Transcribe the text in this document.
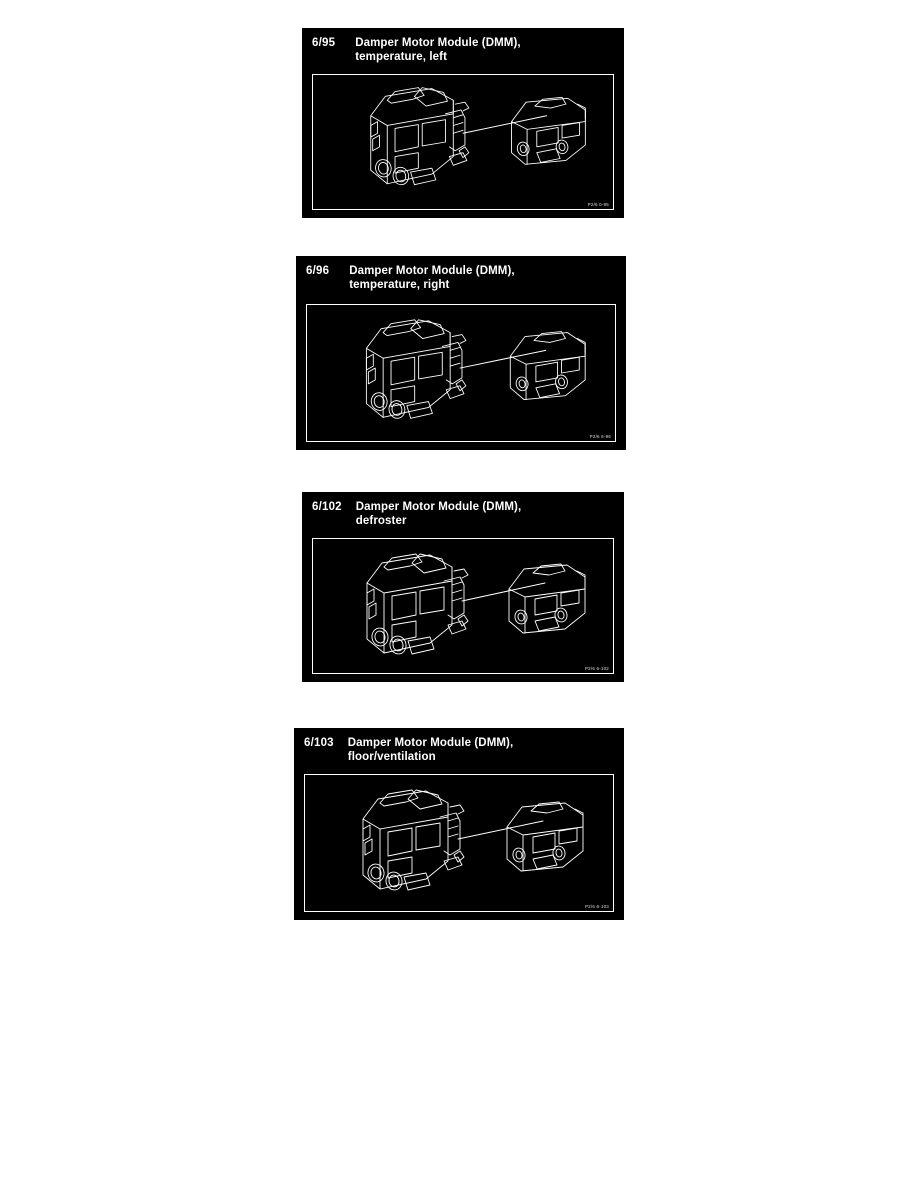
6/95 Damper Motor Module (DMM),
temperature, left
P2/6 0-95
6/96 Damper Motor Module (DMM),
temperature, right
P2/6 6-96
6/102 Damper Motor Module (DMM),
defroster
P2/6 6-102
6/103 Damper Motor Module (DMM),
floor/ventilation
P2/6 6-103
